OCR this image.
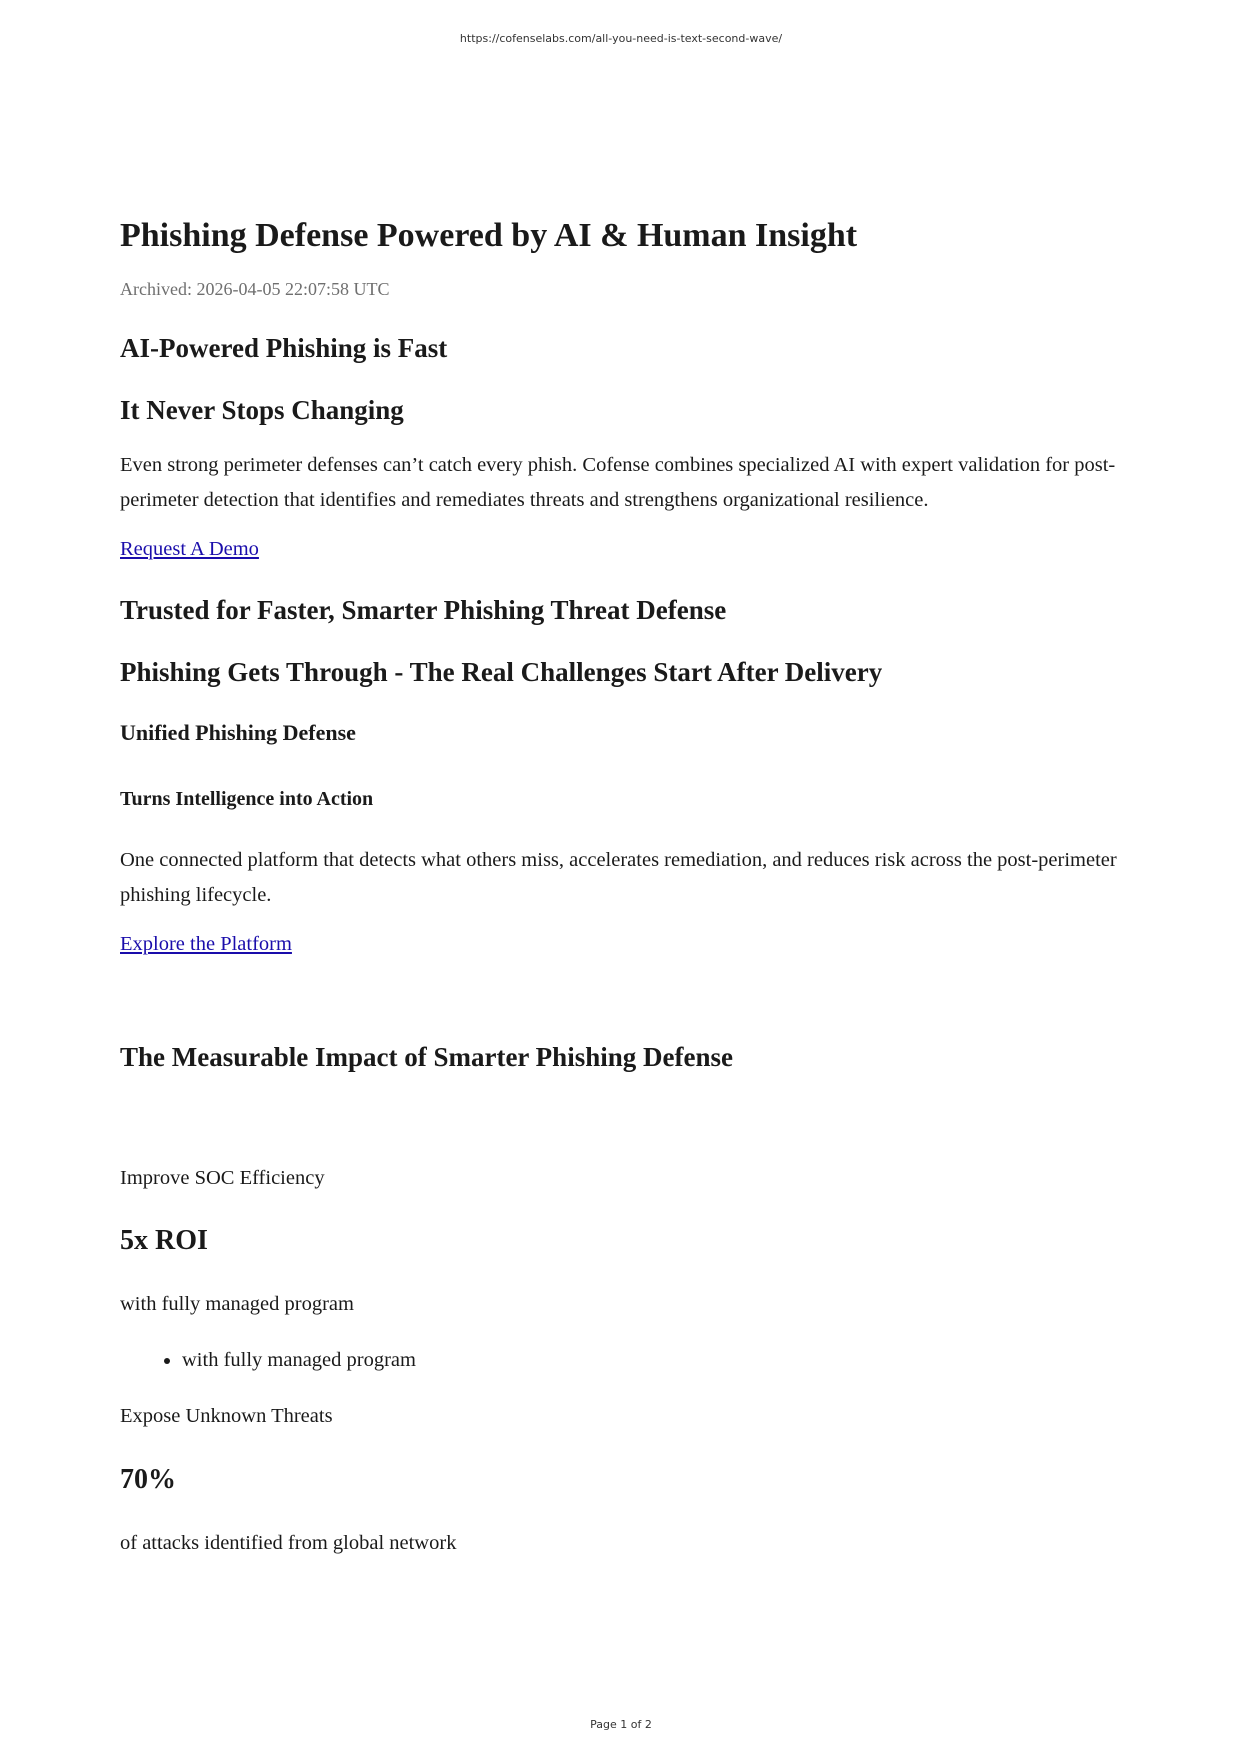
https://cofenselabs.com/all-you-need-is-text-second-wave/
Phishing Defense Powered by AI & Human Insight
Archived: 2026-04-05 22:07:58 UTC
AI-Powered Phishing is Fast
It Never Stops Changing

Even strong perimeter defenses can’t catch every phish. Cofense combines specialized AI with expert validation for post-perimeter detection that identifies and remediates threats and strengthens organizational resilience.

Request A Demo
Trusted for Faster, Smarter Phishing Threat Defense
Phishing Gets Through - The Real Challenges Start After Delivery
Unified Phishing Defense
Turns Intelligence into Action

One connected platform that detects what others miss, accelerates remediation, and reduces risk across the post-perimeter phishing lifecycle.

Explore the Platform
The Measurable Impact of Smarter Phishing Defense

Improve SOC Efficiency

5x ROI

with fully managed program

• with fully managed program

Expose Unknown Threats

70%

of attacks identified from global network

Page 1 of 2
